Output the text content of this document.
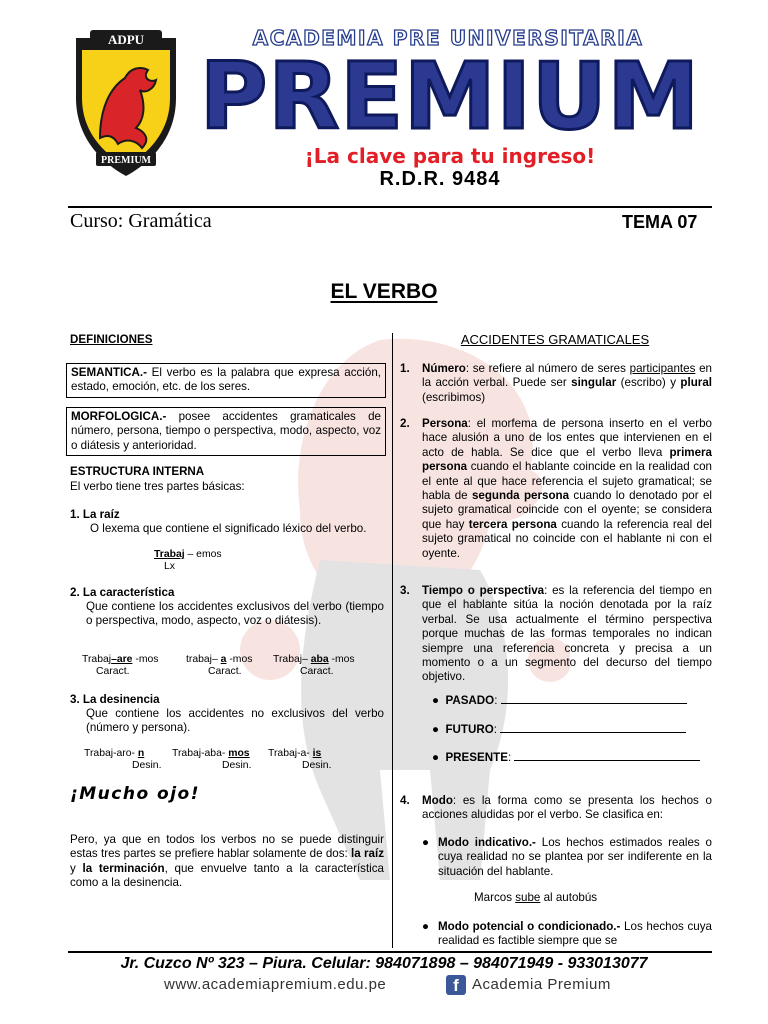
ADPU
PREMIUM
ACADEMIA PRE UNIVERSITARIA
PREMIUM
¡La clave para tu ingreso!
R.D.R. 9484
Curso: Gramática	TEMA 07
EL VERBO
DEFINICIONES
SEMANTICA.- El verbo es la palabra que expresa acción, estado, emoción, etc. de los seres.
MORFOLOGICA.- posee accidentes gramaticales de número, persona, tiempo o perspectiva, modo, aspecto, voz o diátesis y anterioridad.
ESTRUCTURA INTERNA
El verbo tiene tres partes básicas:
1. La raíz
O lexema que contiene el significado léxico del verbo.
Trabaj – emos
Lx
2. La característica
Que contiene los accidentes exclusivos del verbo (tiempo o perspectiva, modo, aspecto, voz o diátesis).
Trabaj–are -mos
Caract.
trabaj– a -mos
Caract.
Trabaj– aba -mos
Caract.
3. La desinencia
Que contiene los accidentes no exclusivos del verbo (número y persona).
Trabaj-aro- n
Desin.
Trabaj-aba- mos
Desin.
Trabaj-a- is
Desin.
¡Mucho ojo!
Pero, ya que en todos los verbos no se puede distinguir estas tres partes se prefiere hablar solamente de dos: la raíz y la terminación, que envuelve tanto a la característica como a la desinencia.
ACCIDENTES GRAMATICALES
1. Número: se refiere al número de seres participantes en la acción verbal. Puede ser singular (escribo) y plural (escribimos)
2. Persona: el morfema de persona inserto en el verbo hace alusión a uno de los entes que intervienen en el acto de habla. Se dice que el verbo lleva primera persona cuando el hablante coincide en la realidad con el ente al que hace referencia el sujeto gramatical; se habla de segunda persona cuando lo denotado por el sujeto gramatical coincide con el oyente; se considera que hay tercera persona cuando la referencia real del sujeto gramatical no coincide con el hablante ni con el oyente.
3. Tiempo o perspectiva: es la referencia del tiempo en que el hablante sitúa la noción denotada por la raíz verbal. Se usa actualmente el término perspectiva porque muchas de las formas temporales no indican siempre una referencia concreta y precisa a un momento o a un segmento del decurso del tiempo objetivo.
●  PASADO:
●  FUTURO:
●  PRESENTE:
4. Modo: es la forma como se presenta los hechos o acciones aludidas por el verbo. Se clasifica en:
● Modo indicativo.- Los hechos estimados reales o cuya realidad no se plantea por ser indiferente en la situación del hablante.
Marcos sube al autobús
● Modo potencial o condicionado.- Los hechos cuya realidad es factible siempre que se
Jr. Cuzco Nº 323 – Piura. Celular: 984071898 – 984071949 - 933013077
www.academiapremium.edu.pe	f Academia Premium
